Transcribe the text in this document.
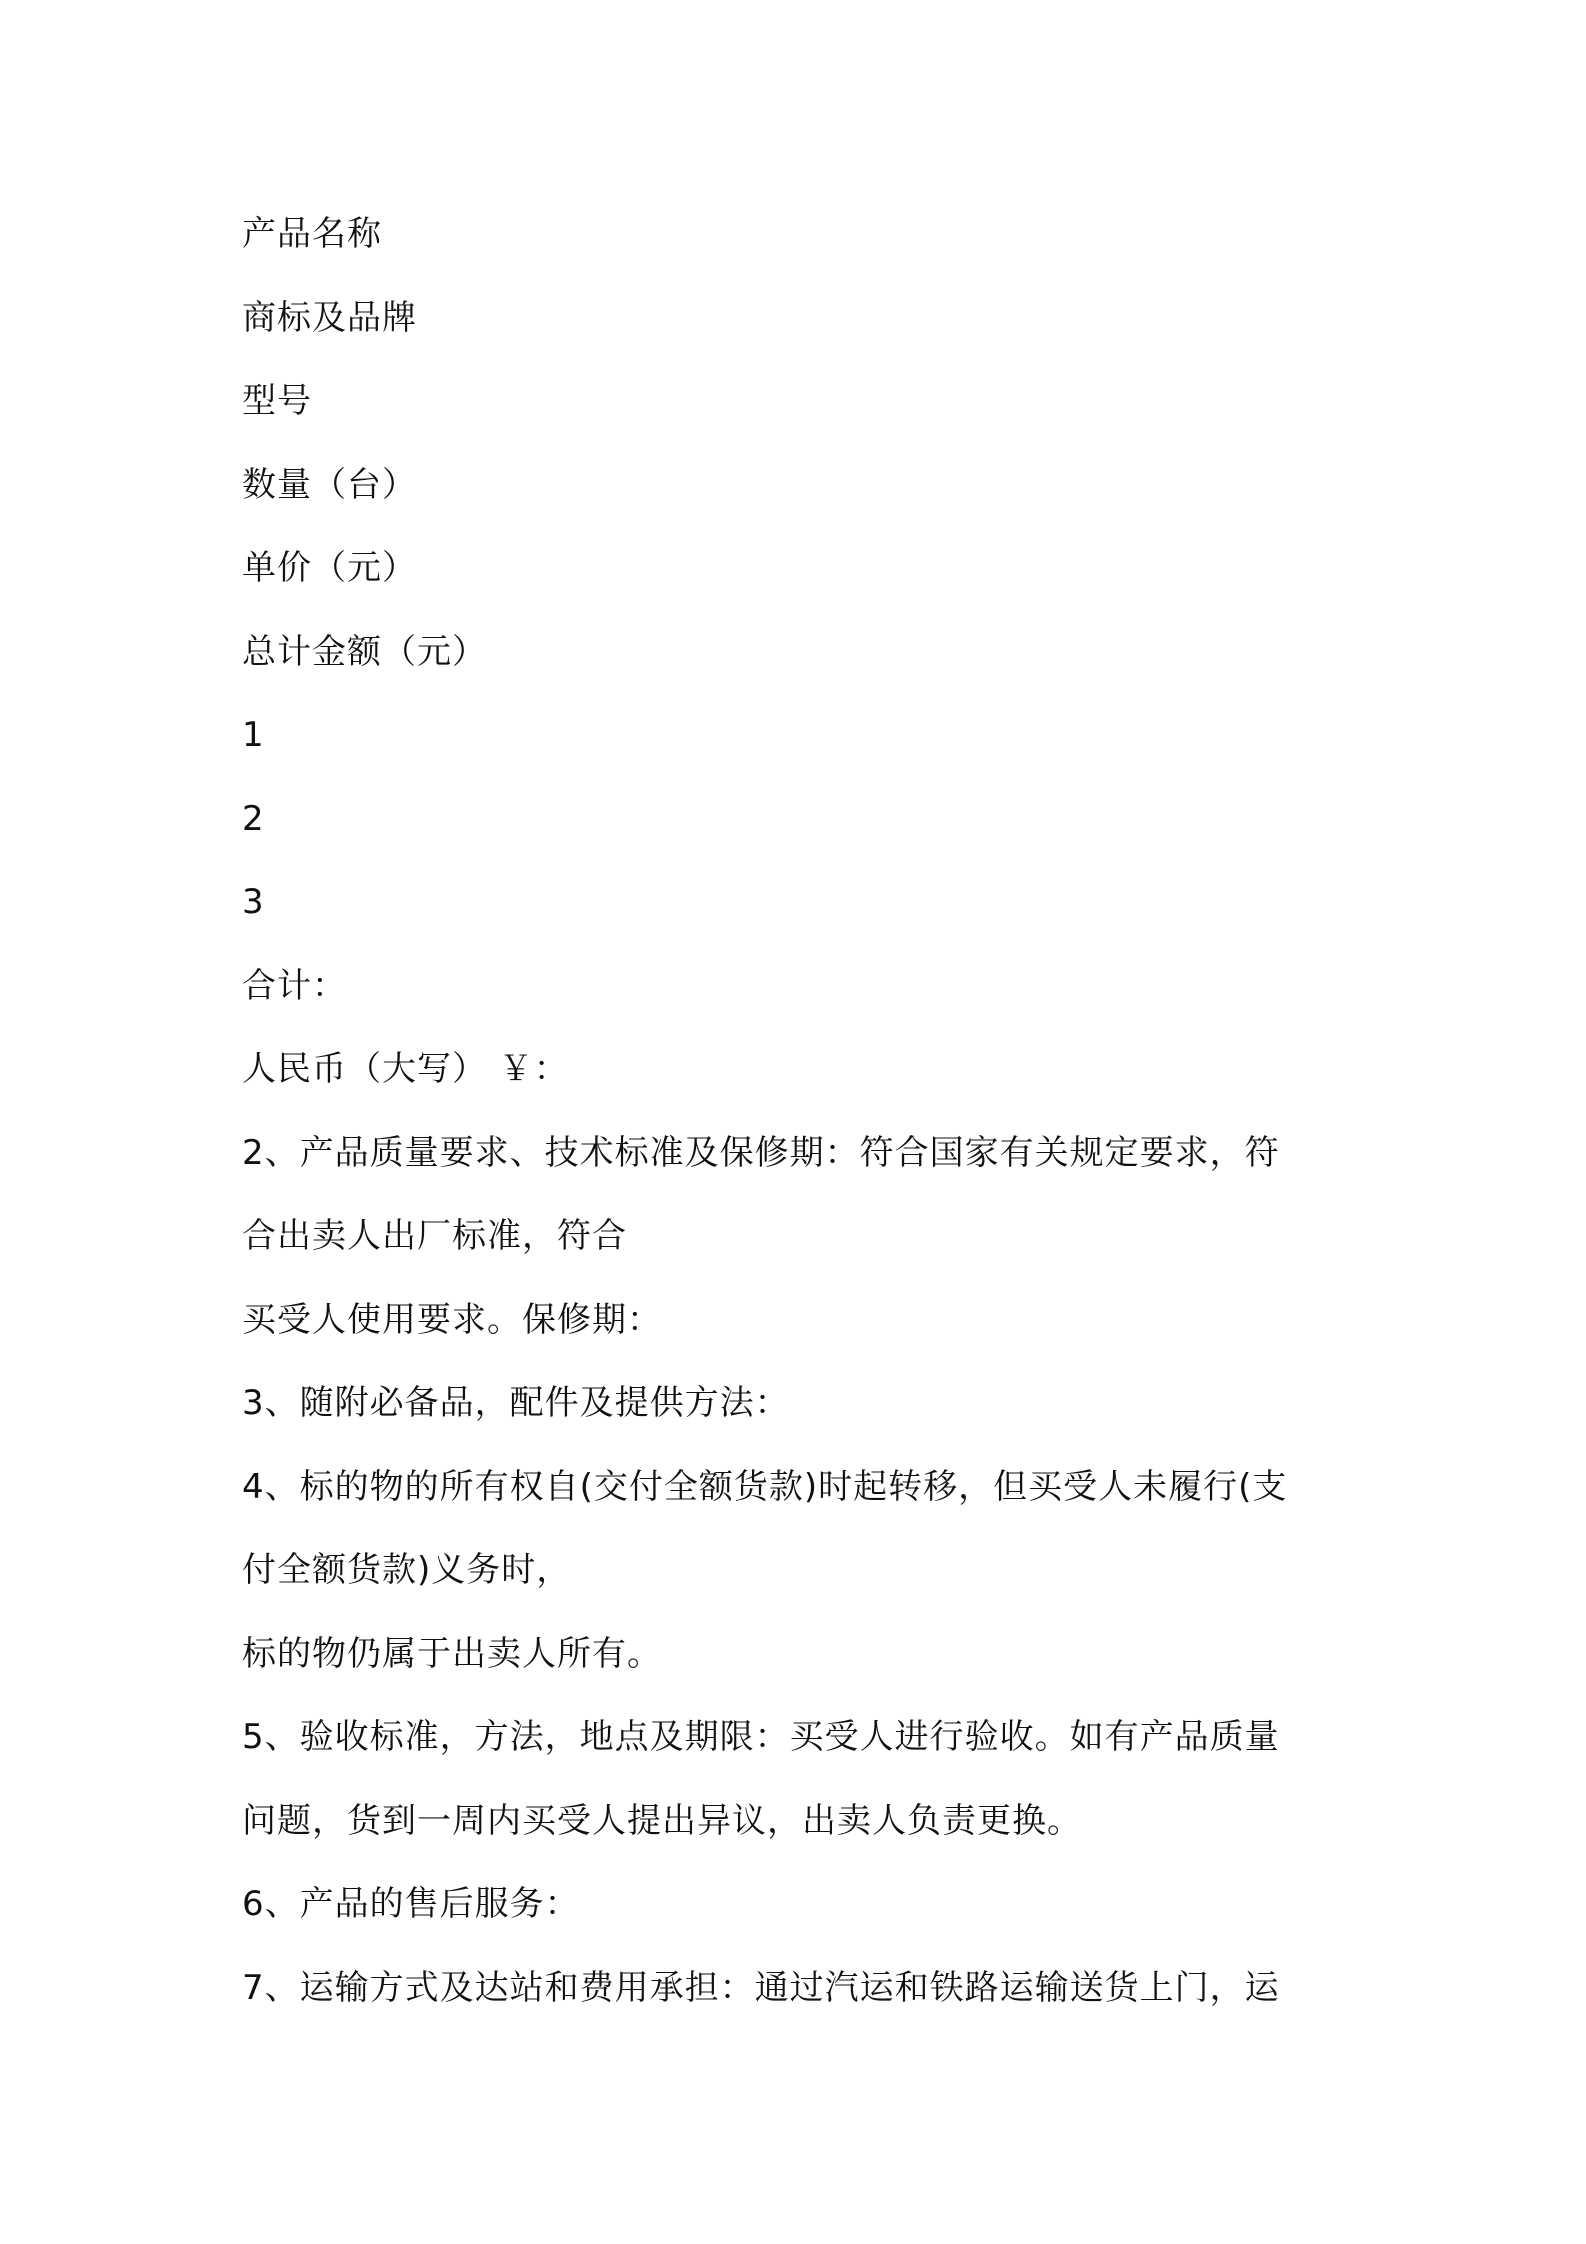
产品名称
商标及品牌
型号
数量（台）
单价（元）
总计金额（元）
1
2
3
合计：
人民币（大写） ￥：
2、产品质量要求、技术标准及保修期：符合国家有关规定要求，符
合出卖人出厂标准，符合
买受人使用要求。保修期：
3、随附必备品，配件及提供方法：
4、标的物的所有权自(交付全额货款)时起转移，但买受人未履行(支
付全额货款)义务时，
标的物仍属于出卖人所有。
5、验收标准，方法，地点及期限：买受人进行验收。如有产品质量
问题，货到一周内买受人提出异议，出卖人负责更换。
6、产品的售后服务：
7、运输方式及达站和费用承担：通过汽运和铁路运输送货上门，运
